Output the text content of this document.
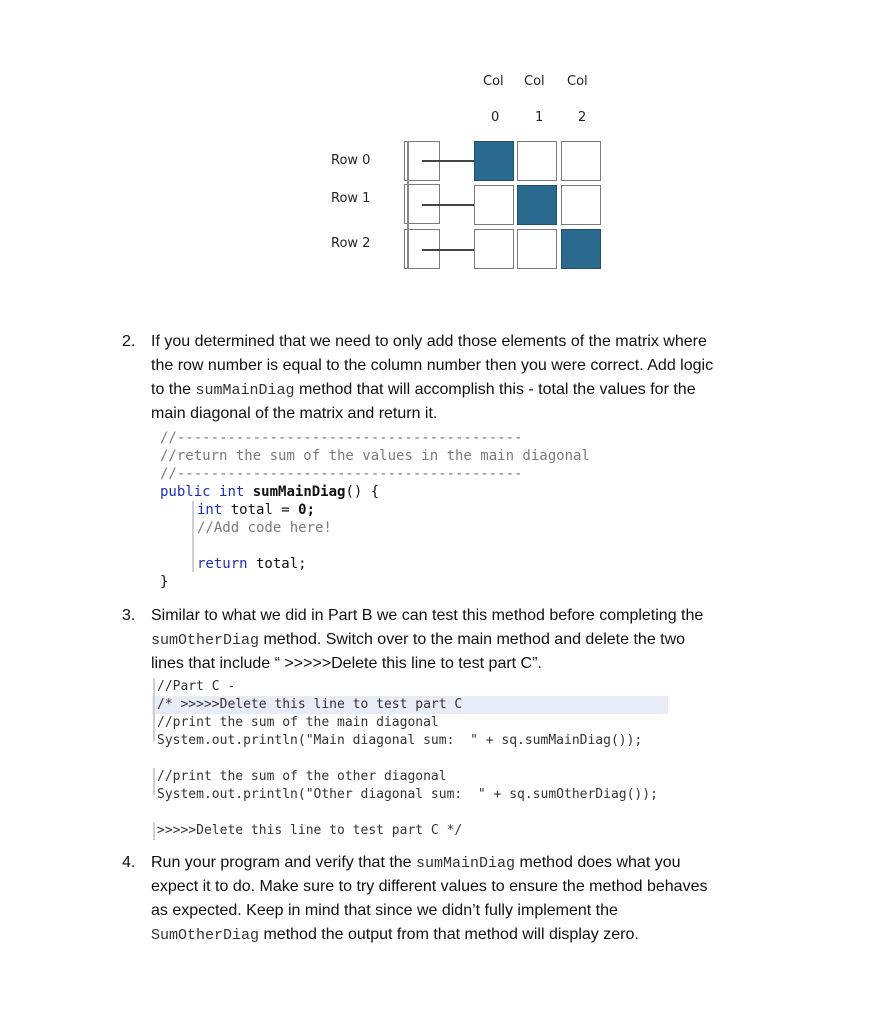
Col Col Col
0	1	2
Row 0
Row 1
Row 2
2. If you determined that we need to only add those elements of the matrix where
the row number is equal to the column number then you were correct. Add logic
to the sumMainDiag method that will accomplish this - total the values for the
main diagonal of the matrix and return it.
//-----------------------------------------
//return the sum of the values in the main diagonal
//-----------------------------------------
public int sumMainDiag() {
int total = 0;
//Add code here!
return total;
}
3. Similar to what we did in Part B we can test this method before completing the
sumOtherDiag method. Switch over to the main method and delete the two
lines that include “ >>>>>Delete this line to test part C”.
//Part C -
/* >>>>>Delete this line to test part C
//print the sum of the main diagonal
System.out.println("Main diagonal sum:  " + sq.sumMainDiag());
//print the sum of the other diagonal
System.out.println("Other diagonal sum:  " + sq.sumOtherDiag());
>>>>>Delete this line to test part C */
4. Run your program and verify that the sumMainDiag method does what you
expect it to do. Make sure to try different values to ensure the method behaves
as expected. Keep in mind that since we didn’t fully implement the
SumOtherDiag method the output from that method will display zero.
